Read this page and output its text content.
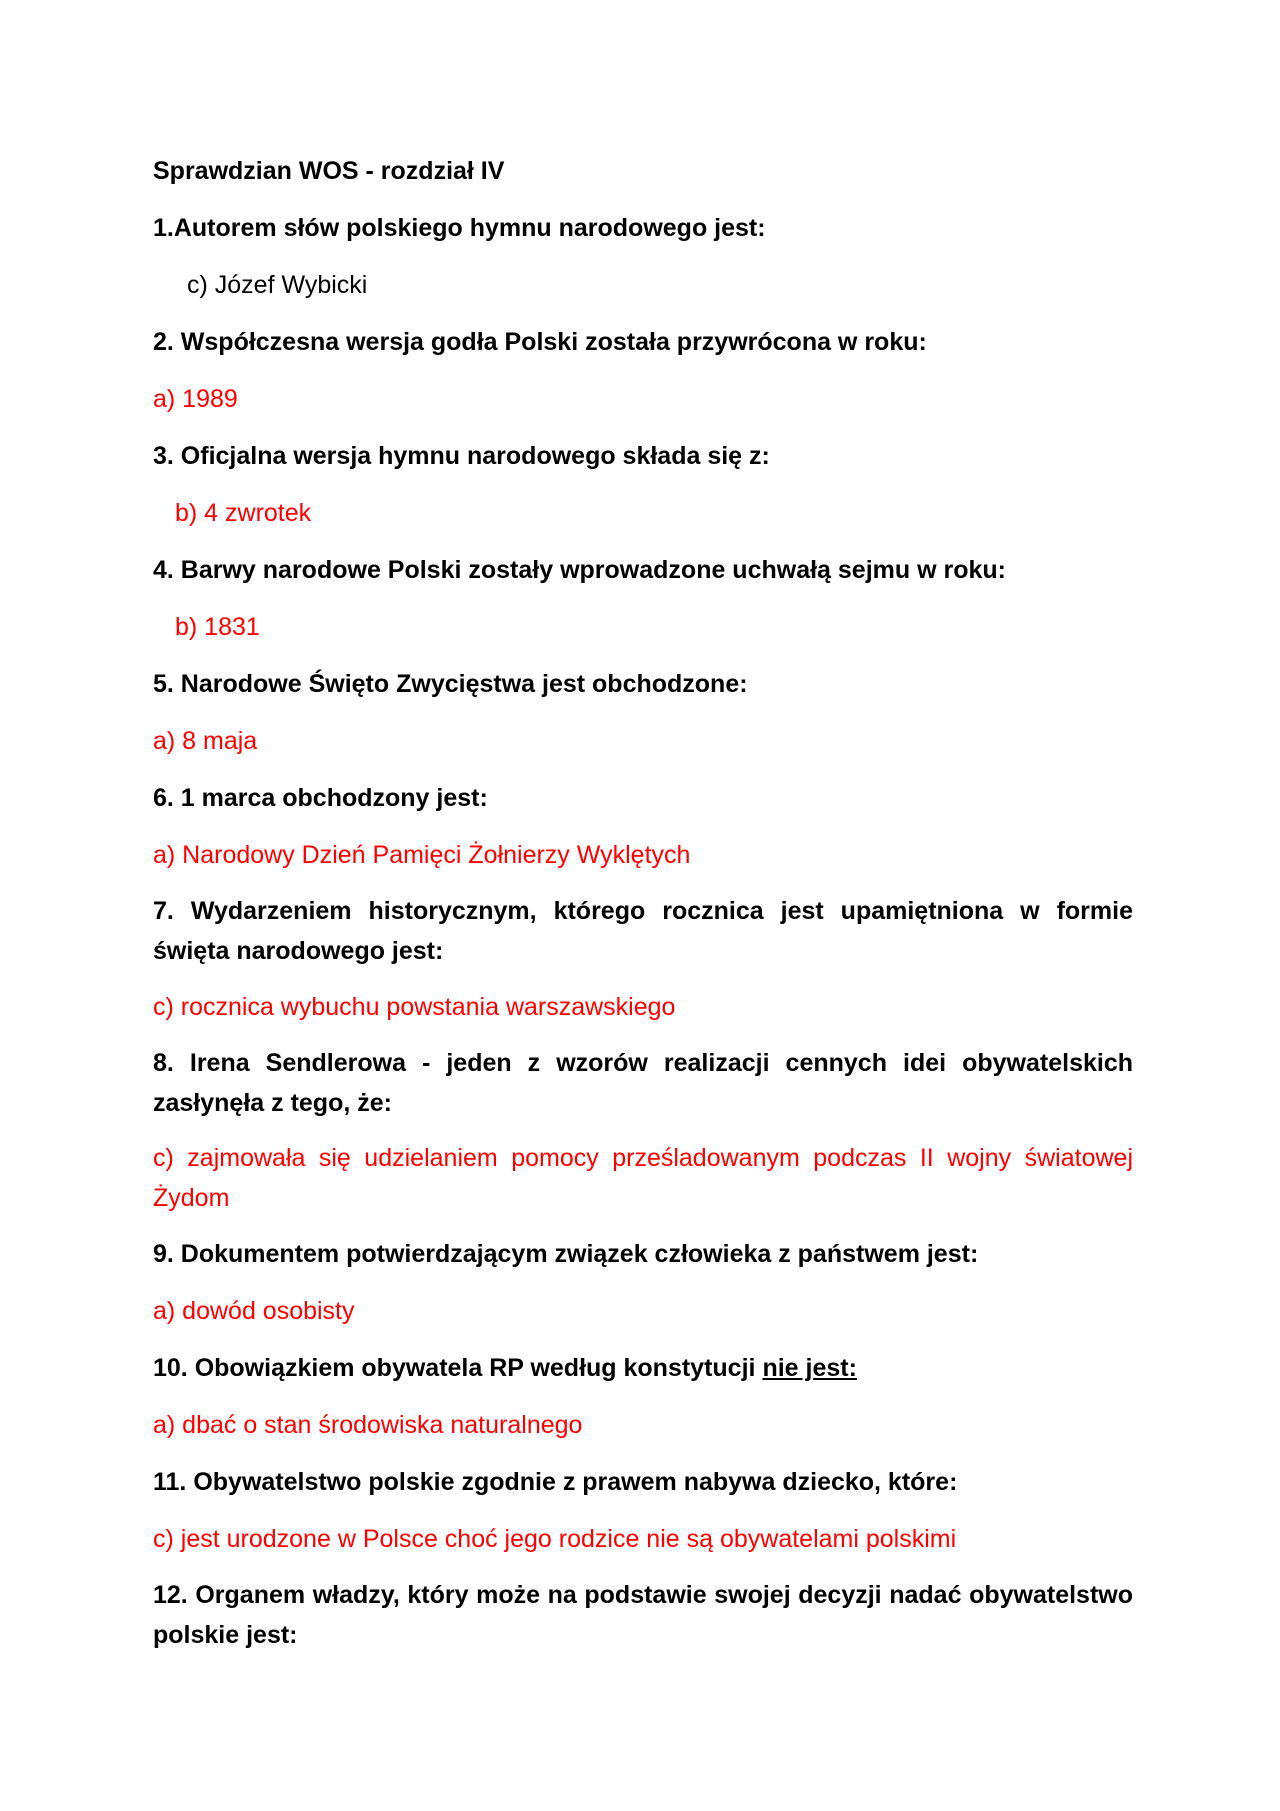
Sprawdzian WOS - rozdział IV

1.Autorem słów polskiego hymnu narodowego jest:

c) Józef Wybicki

2. Współczesna wersja godła Polski została przywrócona w roku:

a) 1989

3. Oficjalna wersja hymnu narodowego składa się z:

b) 4 zwrotek

4. Barwy narodowe Polski zostały wprowadzone uchwałą sejmu w roku:

b) 1831

5. Narodowe Święto Zwycięstwa jest obchodzone:

a) 8 maja

6. 1 marca obchodzony jest:

a) Narodowy Dzień Pamięci Żołnierzy Wyklętych

7. Wydarzeniem historycznym, którego rocznica jest upamiętniona w formie święta narodowego jest:

c) rocznica wybuchu powstania warszawskiego

8. Irena Sendlerowa - jeden z wzorów realizacji cennych idei obywatelskich zasłynęła z tego, że:

c) zajmowała się udzielaniem pomocy prześladowanym podczas II wojny światowej Żydom

9. Dokumentem potwierdzającym związek człowieka z państwem jest:

a) dowód osobisty

10. Obowiązkiem obywatela RP według konstytucji nie jest:

a) dbać o stan środowiska naturalnego

11. Obywatelstwo polskie zgodnie z prawem nabywa dziecko, które:

c) jest urodzone w Polsce choć jego rodzice nie są obywatelami polskimi

12. Organem władzy, który może na podstawie swojej decyzji nadać obywatelstwo polskie jest:
